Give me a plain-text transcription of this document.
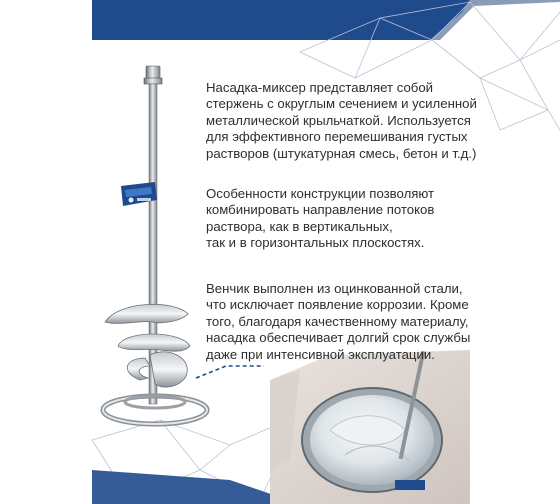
Насадка-миксер представляет собой
стержень с округлым сечением и усиленной
металлической крыльчаткой. Используется
для эффективного перемешивания густых
растворов (штукатурная смесь, бетон и т.д.)
Особенности конструкции позволяют
комбинировать направление потоков
раствора, как в вертикальных,
так и в горизонтальных плоскостях.
Венчик выполнен из оцинкованной стали,
что исключает появление коррозии. Кроме
того, благодаря качественному материалу,
насадка обеспечивает долгий срок службы
даже при интенсивной эксплуатации.
